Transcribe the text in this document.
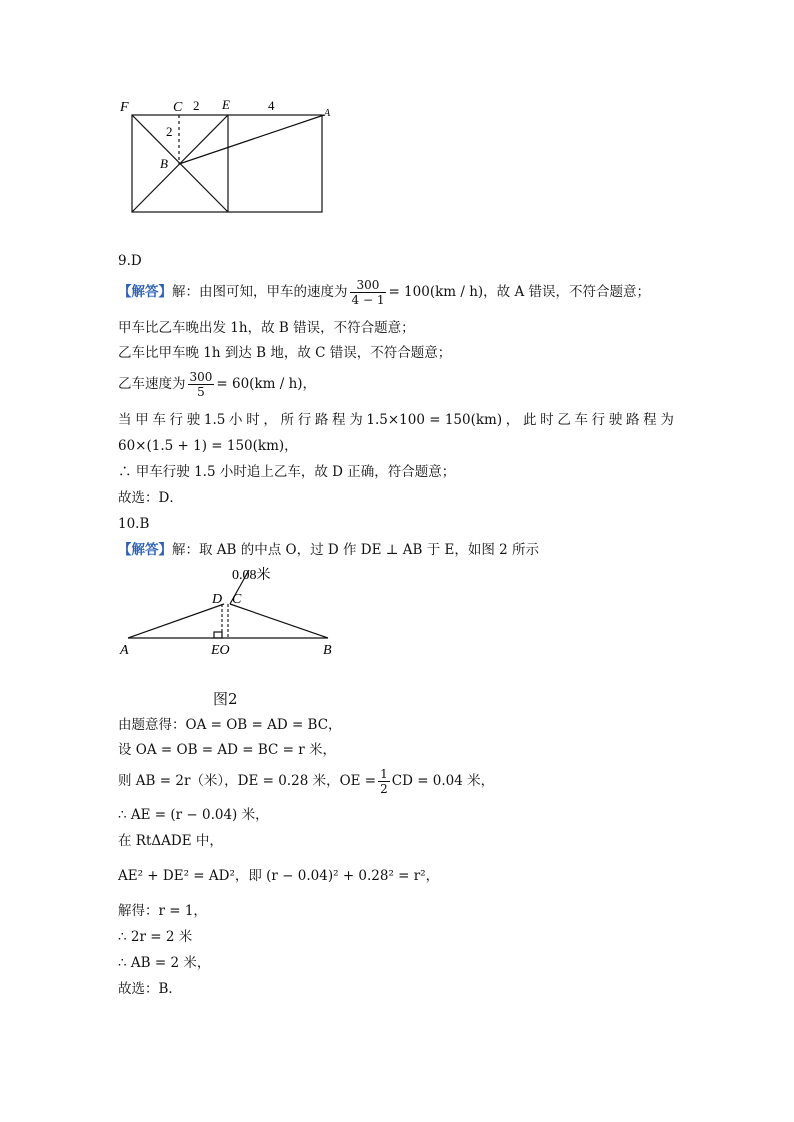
F	C 2 E	4
A
2
B
9.D
【解答】解：由图可知，甲车的速度为 $\frac{300}{4 - 1} = 100(km / h)$，故 A 错误，不符合题意；
甲车比乙车晚出发 1h，故 B 错误，不符合题意；
乙车比甲车晚 1h 到达 B 地，故 C 错误，不符合题意；
乙车速度为 $\frac{300}{5} = 60(km / h)$，
当 甲 车 行 驶 1.5 小 时 ， 所 行 路 程 为 1.5×100 = 150(km) ， 此 时 乙 车 行 驶 路 程 为
60×(1.5 + 1) = 150(km)，
∴ 甲车行驶 1.5 小时追上乙车，故 D 正确，符合题意；
故选：D．
10.B
【解答】解：取 AB 的中点 O，过 D 作 DE ⊥ AB 于 E，如图 2 所示
0.08米
D C
A	EO	B
图2
由题意得：OA = OB = AD = BC，
设 OA = OB = AD = BC = r 米，
则 AB = 2r（米），DE = 0.28 米，OE = $\frac{1}{2}$ CD = 0.04 米，
∴ AE = (r − 0.04) 米，
在 RtΔADE 中，
AE² + DE² = AD²，即 (r − 0.04)² + 0.28² = r²，
解得：r = 1，
∴ 2r = 2 米
∴ AB = 2 米，
故选：B．
